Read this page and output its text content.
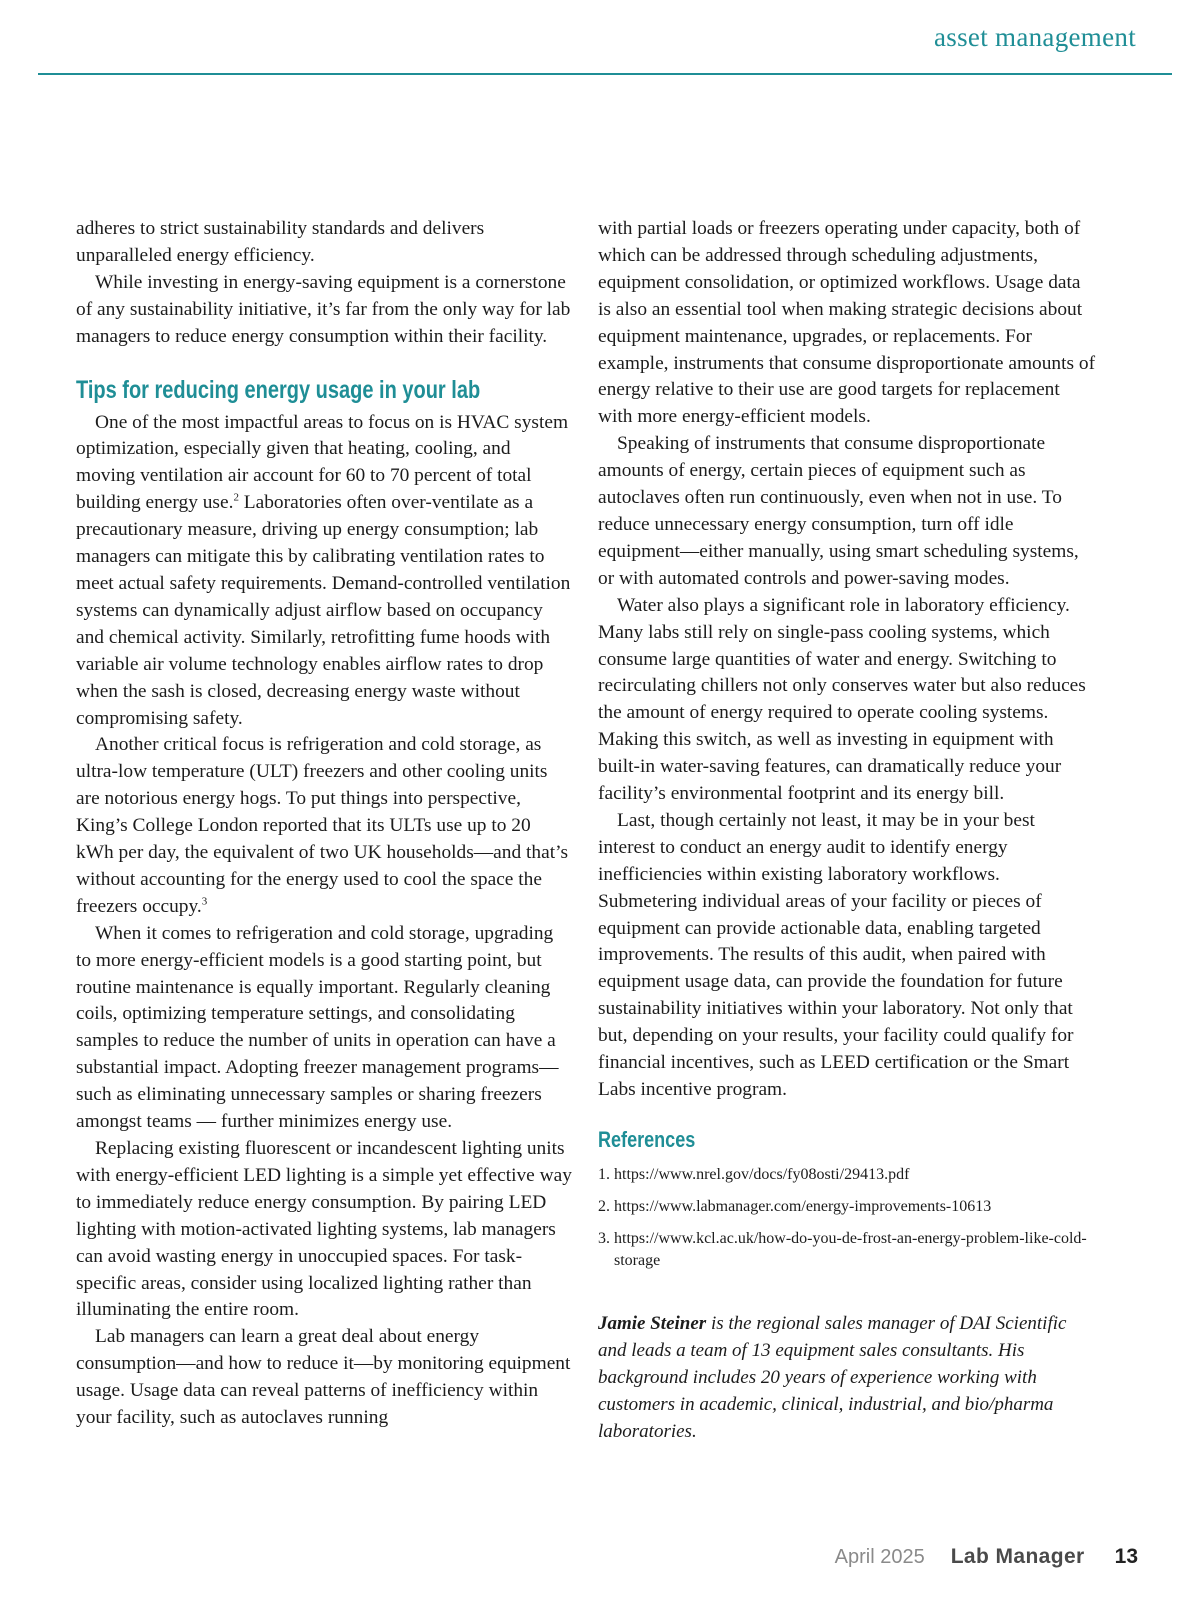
asset management

adheres to strict sustainability standards and delivers unparalleled energy efficiency.

While investing in energy-saving equipment is a cornerstone of any sustainability initiative, it’s far from the only way for lab managers to reduce energy consumption within their facility.

Tips for reducing energy usage in your lab

One of the most impactful areas to focus on is HVAC system optimization, especially given that heating, cooling, and moving ventilation air account for 60 to 70 percent of total building energy use.$^2$ Laboratories often over-ventilate as a precautionary measure, driving up energy consumption; lab managers can mitigate this by calibrating ventilation rates to meet actual safety requirements. Demand-controlled ventilation systems can dynamically adjust airflow based on occupancy and chemical activity. Similarly, retrofitting fume hoods with variable air volume technology enables airflow rates to drop when the sash is closed, decreasing energy waste without compromising safety.

Another critical focus is refrigeration and cold storage, as ultra-low temperature (ULT) freezers and other cooling units are notorious energy hogs. To put things into perspective, King’s College London reported that its ULTs use up to 20 kWh per day, the equivalent of two UK households—and that’s without accounting for the energy used to cool the space the freezers occupy.$^3$

When it comes to refrigeration and cold storage, upgrading to more energy-efficient models is a good starting point, but routine maintenance is equally important. Regularly cleaning coils, optimizing temperature settings, and consolidating samples to reduce the number of units in operation can have a substantial impact. Adopting freezer management programs—such as eliminating unnecessary samples or sharing freezers amongst teams — further minimizes energy use.

Replacing existing fluorescent or incandescent lighting units with energy-efficient LED lighting is a simple yet effective way to immediately reduce energy consumption. By pairing LED lighting with motion-activated lighting systems, lab managers can avoid wasting energy in unoccupied spaces. For task-specific areas, consider using localized lighting rather than illuminating the entire room.

Lab managers can learn a great deal about energy consumption—and how to reduce it—by monitoring equipment usage. Usage data can reveal patterns of inefficiency within your facility, such as autoclaves running

with partial loads or freezers operating under capacity, both of which can be addressed through scheduling adjustments, equipment consolidation, or optimized workflows. Usage data is also an essential tool when making strategic decisions about equipment maintenance, upgrades, or replacements. For example, instruments that consume disproportionate amounts of energy relative to their use are good targets for replacement with more energy-efficient models.

Speaking of instruments that consume disproportionate amounts of energy, certain pieces of equipment such as autoclaves often run continuously, even when not in use. To reduce unnecessary energy consumption, turn off idle equipment—either manually, using smart scheduling systems, or with automated controls and power-saving modes.

Water also plays a significant role in laboratory efficiency. Many labs still rely on single-pass cooling systems, which consume large quantities of water and energy. Switching to recirculating chillers not only conserves water but also reduces the amount of energy required to operate cooling systems. Making this switch, as well as investing in equipment with built-in water-saving features, can dramatically reduce your facility’s environmental footprint and its energy bill.

Last, though certainly not least, it may be in your best interest to conduct an energy audit to identify energy inefficiencies within existing laboratory workflows. Submetering individual areas of your facility or pieces of equipment can provide actionable data, enabling targeted improvements. The results of this audit, when paired with equipment usage data, can provide the foundation for future sustainability initiatives within your laboratory. Not only that but, depending on your results, your facility could qualify for financial incentives, such as LEED certification or the Smart Labs incentive program.

References
1. https://www.nrel.gov/docs/fy08osti/29413.pdf
2. https://www.labmanager.com/energy-improvements-10613
3. https://www.kcl.ac.uk/how-do-you-de-frost-an-energy-problem-like-cold-storage
Jamie Steiner is the regional sales manager of DAI Scientific and leads a team of 13 equipment sales consultants. His background includes 20 years of experience working with customers in academic, clinical, industrial, and bio/pharma laboratories.
April 2025 Lab Manager 13
